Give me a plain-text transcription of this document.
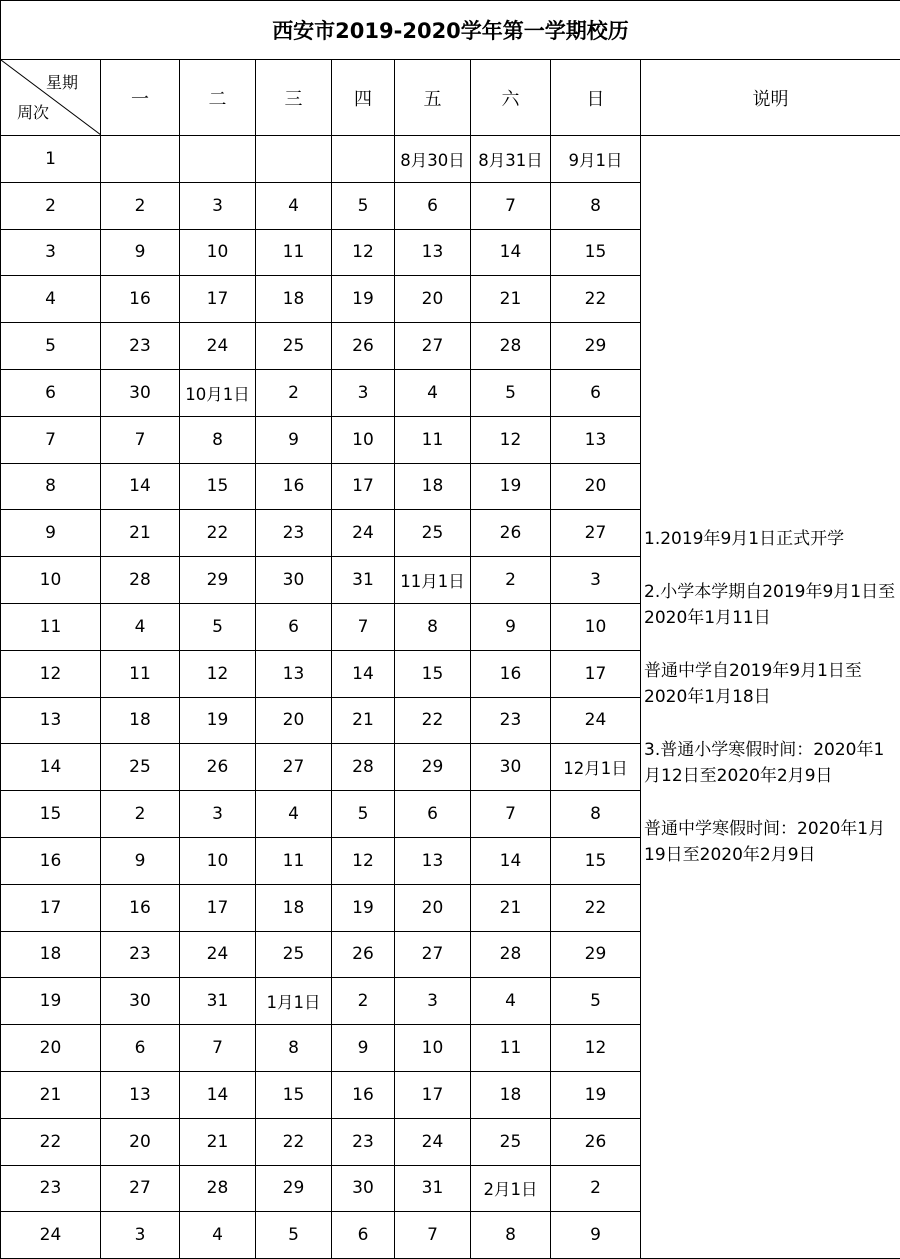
西安市2019-2020学年第一学期校历								

星期
周次	一	二	三	四	五	六	日	说明
1					8月30日	8月31日	9月1日	1.2019年9月1日正式开学

2.小学本学期自2019年9月1日至2020年1月11日

普通中学自2019年9月1日至2020年1月18日

3.普通小学寒假时间：2020年1月12日至2020年2月9日

普通中学寒假时间：2020年1月19日至2020年2月9日

2	2	3	4	5	6	7	8	
3	9	10	11	12	13	14	15	
4	16	17	18	19	20	21	22	
5	23	24	25	26	27	28	29	
6	30	10月1日	2	3	4	5	6	
7	7	8	9	10	11	12	13	
8	14	15	16	17	18	19	20	
9	21	22	23	24	25	26	27	
10	28	29	30	31	11月1日	2	3	
11	4	5	6	7	8	9	10	
12	11	12	13	14	15	16	17	
13	18	19	20	21	22	23	24	
14	25	26	27	28	29	30	12月1日	
15	2	3	4	5	6	7	8	
16	9	10	11	12	13	14	15	
17	16	17	18	19	20	21	22	
18	23	24	25	26	27	28	29	
19	30	31	1月1日	2	3	4	5	
20	6	7	8	9	10	11	12	
21	13	14	15	16	17	18	19	
22	20	21	22	23	24	25	26	
23	27	28	29	30	31	2月1日	2	
24	3	4	5	6	7	8	9	
